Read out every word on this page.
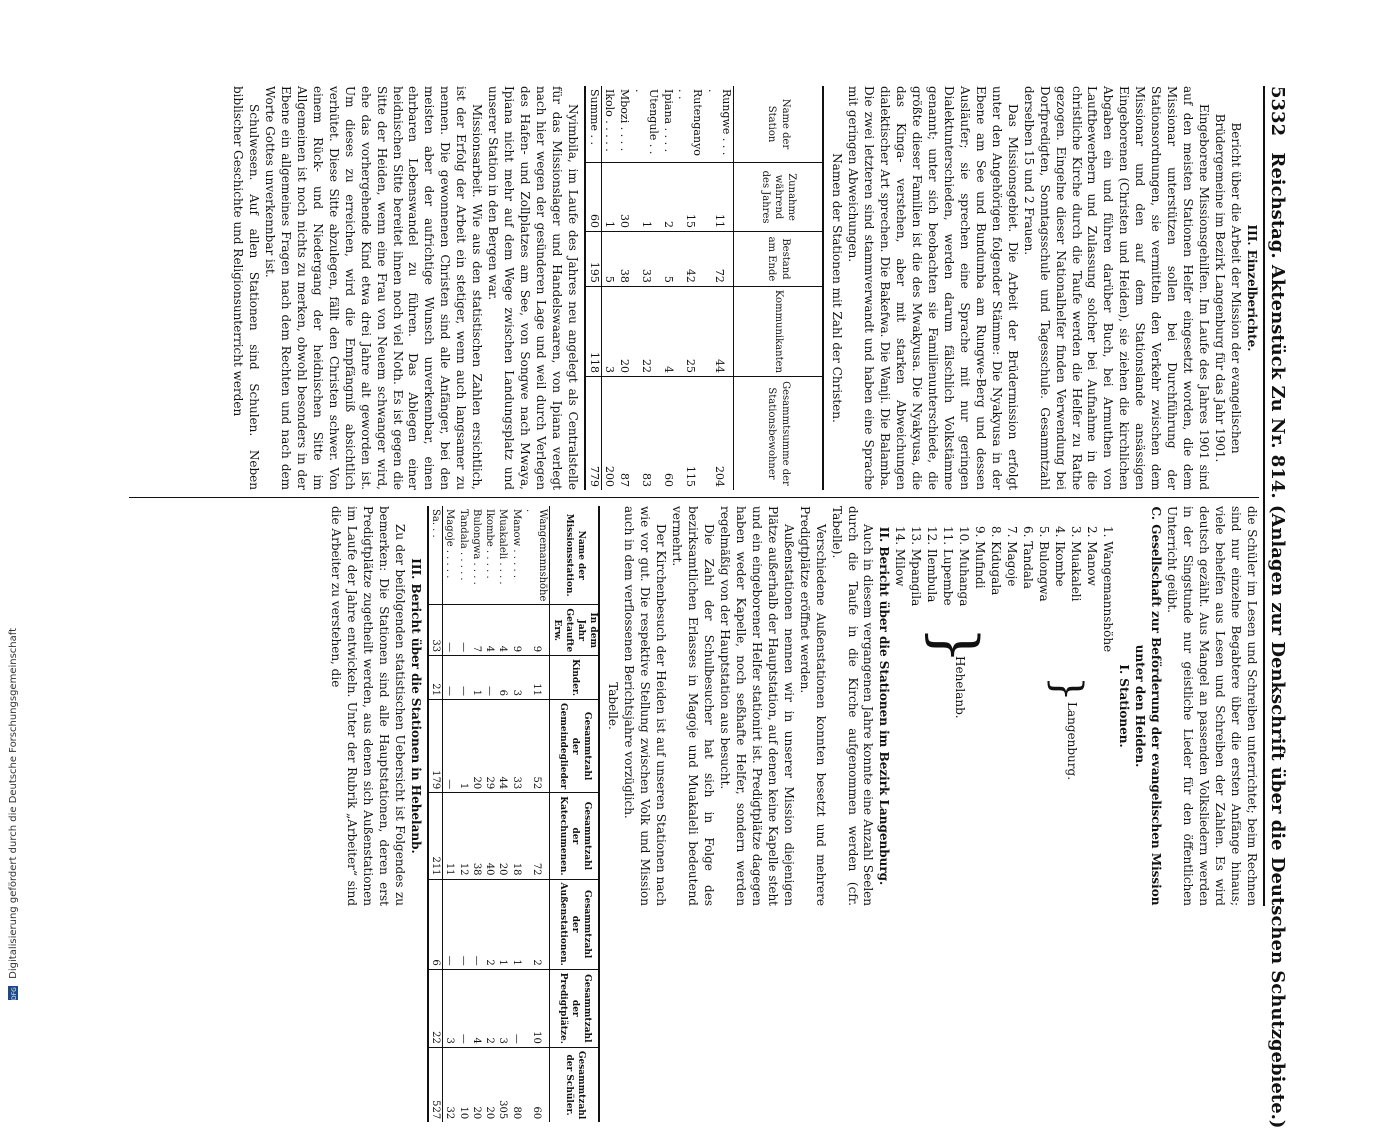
5332 Reichstag. Aktenstück Zu Nr. 814. (Anlagen zur Denkschrift über die Deutschen Schutzgebiete.)

III. Einzelberichte.

Bericht über die Arbeit der Mission der evangelischen Brüdergemeine im Bezirk Langenburg für das Jahr 1901.

Eingeborene Missionsgehilfen. Im Laufe des Jahres 1901 sind auf den meisten Stationen Helfer eingesetzt worden, die dem Missionar unterstützen sollen bei Durchführung der Stationsordnungen, sie vermitteln den Verkehr zwischen dem Missionar und den auf dem Stationslande ansässigen Eingeborenen (Christen und Heiden), sie ziehen die kirchlichen Abgaben ein und führen darüber Buch, bei Armuthen von Lauftbewerbern und Zulassung solcher bei Aufnahme in die christliche Kirche durch die Taufe werden die Helfer zu Rathe gezogen. Eingelne dieser Nationalhelfer finden Verwendung bei Dorfpredigten, Sonntagsschule und Tagesschule. Gesammtzahl derselben 15 und 2 Frauen.

Das Missionsgebiet. Die Arbeit der Brüdermission erfolgt unter den Angehörigen folgender Stämme: Die Nyakyusa in der Ebene am See und Bundumba am Rungwe-Berg und dessen Ausläufer; sie sprechen eine Sprache mit nur geringen Dialektunterschieden, werden darum fälschlich Volkstämme genannt; unter sich beobachten sie Familienunterschiede, die größte dieser Familien ist die des Mwakyusa. Die Nyakyusa, die das Kinga- verstehen, aber mit starken Abweichungen dialektischer Art sprechen. Die Bakefwa. Die Wanji. Die Balamba. Die zwei letzteren sind stammverwandt und haben eine Sprache mit geringen Abweichungen.

Namen der Stationen mit Zahl der Christen.

Name der Station	Zunahme während des Jahres	Bestand am Ende	Kommunikanten	Gesammtsumme der Stationsbewohner
Rungwe . . . .	11	72	44	204
Rutenganyo . .	15	42	25	115
Ipiana . . . .	2	5	4	60
Utengule . . .	1	33	22	83
Mbozi . . . .	30	38	20	87
Ikolo . . . . .	1	5	3	200
Summe . .	60	195	118	779

Nyimbila, im Laufe des Jahres neu angelegt als Centralstelle für das Missionslager und Handelswaaren, von Ipiana verlegt nach hier wegen der gesünderen Lage und weil durch Verlegen des Hafen- und Zollplatzes am See, von Songwe nach Mwaya, Ipiana nicht mehr auf dem Wege zwischen Landungsplatz und unserer Station in den Bergen war.

Missionsarbeit. Wie aus den statistischen Zahlen ersichtlich, ist der Erfolg der Arbeit ein stetiger, wenn auch langsamer zu nennen. Die gewonnenen Christen sind alle Anfänger, bei den meisten aber der aufrichtige Wunsch unverkennbar, einen ehrbaren Lebenswandel zu führen. Das Ablegen einer heidnischen Sitte bereitet ihnen noch viel Noth. Es ist gegen die Sitte der Heiden, wenn eine Frau von Neuem schwanger wird, ehe das vorhergehende Kind etwa drei Jahre alt geworden ist. Um dieses zu erreichen, wird die Empfängniß absichtlich verhütet. Diese Sitte abzulegen, fällt den Christen schwer. Von einem Rück- und Niedergang der heidnischen Sitte im Allgemeinen ist noch nichts zu merken, obwohl besonders in der Ebene ein allgemeines Fragen nach dem Rechten und nach dem Worte Gottes unverkennbar ist.

Schulwesen. Auf allen Stationen sind Schulen. Neben biblischer Geschichte und Religionsunterricht werden

die Schüler im Lesen und Schreiben unterrichtet; beim Rechnen sind nur einzelne Begabtere über die ersten Anfänge hinaus; viele behelfen aus Lesen und Schreiben der Zahlen. Es wird deutsch gezählt. Aus Mangel an passenden Volksliedern werden in der Singstunde nur geistliche Lieder für den öffentlichen Unterricht geübt.

C. Gesellschaft zur Beförderung der evangelischen Mission unter den Heiden.

I. Stationen.

1. Wangemannshöhe
2. Manow
3. Muakaleli
4. Ikombe
5. Bulongwa
6. Tandala
7. Magoje
8. Kidugala
9. Mufindi
10. Muhanga
11. Lupembe
12. Ilembula
13. Mpangila
14. Milow
}
Langenburg.
}
Hehelanb.

II. Bericht über die Stationen im Bezirk Langenburg.

Auch in diesem vergangenen Jahre konnte eine Anzahl Seelen durch die Taufe in die Kirche aufgenommen werden (cfr. Tabelle).

Verschiedene Außenstationen konnten besetzt und mehrere Predigtplätze eröffnet werden.

Außenstationen nennen wir in unserer Mission diejenigen Plätze außerhalb der Hauptstation, auf denen keine Kapelle steht und ein eingeborener Helfer stationirt ist. Predigtplätze dagegen haben weder Kapelle, noch seßhafte Helfer, sondern werden regelmäßig von der Hauptstation aus besucht.

Die Zahl der Schulbesucher hat sich in Folge des bezirksamtlichen Erlasses in Magoje und Muakaleli bedeutend vermehrt.

Der Kirchenbesuch der Heiden ist auf unseren Stationen nach wie vor gut. Die respektive Stellung zwischen Volk und Mission auch in dem verflossenen Berichtsjahre vorzüglich.

Tabelle.

Name der Missionsstation.	In dem Jahr Getaufte Erw.	Kinder.	Gesammtzahl der Gemeindeglieder	Gesammtzahl der Katechumenen.	Gesammtzahl der Außenstationen.	Gesammtzahl der Predigtplätze.	Gesammtzahl der Schüler.
Wangemannshöhe .	9	11	52	72	2	10	60
Manow . . . . .	9	3	33	18	1	—	80
Muakaleli . . . .	4	6	44	20	1	3	305
Ikombe . . . . .	4	—	29	40	2	2	20
Bulongwa . . . .	7	1	20	38	—	4	20
Tandala . . . . .	—	—	1	12	—	—	10
Magoje . . . . .	—	—	—	11	—	3	32
Sa. . .	33	21	179	211	6	22	527

III. Bericht über die Stationen in Hehelanb.

Zu der beifolgenden statistischen Uebersicht ist Folgendes zu bemerken: Die Stationen sind alle Hauptstationen, deren erst Predigtplätze zugetheilt werden, aus denen sich Außenstationen im Laufe der Jahre entwickeln. Unter der Rubrik „Arbeiter“ sind die Arbeiter zu verstehen, die

DFG Digitalisierung gefördert durch die Deutsche Forschungsgemeinschaft
